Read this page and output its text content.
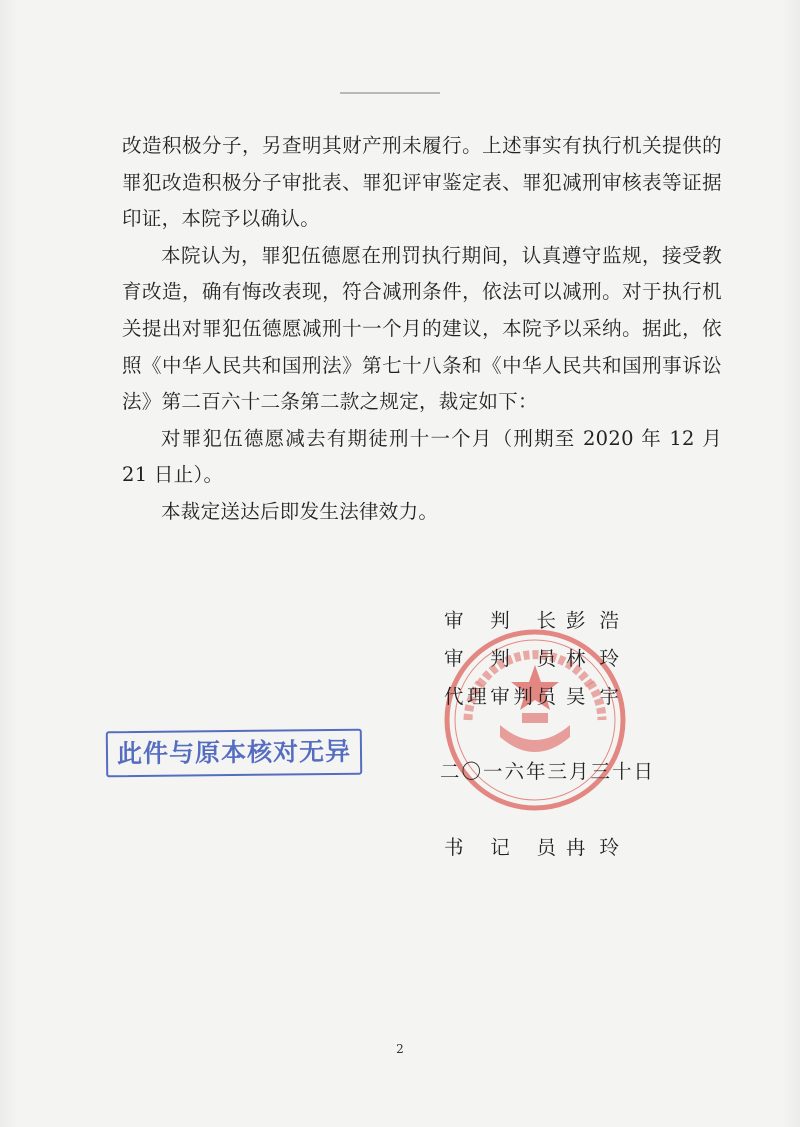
改造积极分子，另查明其财产刑未履行。上述事实有执行机关提供的罪犯改造积极分子审批表、罪犯评审鉴定表、罪犯减刑审核表等证据印证，本院予以确认。

本院认为，罪犯伍德愿在刑罚执行期间，认真遵守监规，接受教育改造，确有悔改表现，符合减刑条件，依法可以减刑。对于执行机关提出对罪犯伍德愿减刑十一个月的建议，本院予以采纳。据此，依照《中华人民共和国刑法》第七十八条和《中华人民共和国刑事诉讼法》第二百六十二条第二款之规定，裁定如下：

对罪犯伍德愿减去有期徒刑十一个月（刑期至 2020 年 12 月 21 日止）。

本裁定送达后即发生法律效力。

此件与原本核对无异
审判长 彭浩
审判员 林玲
代理审判员 吴宇
二〇一六年三月三十日
书记员 冉玲
2
